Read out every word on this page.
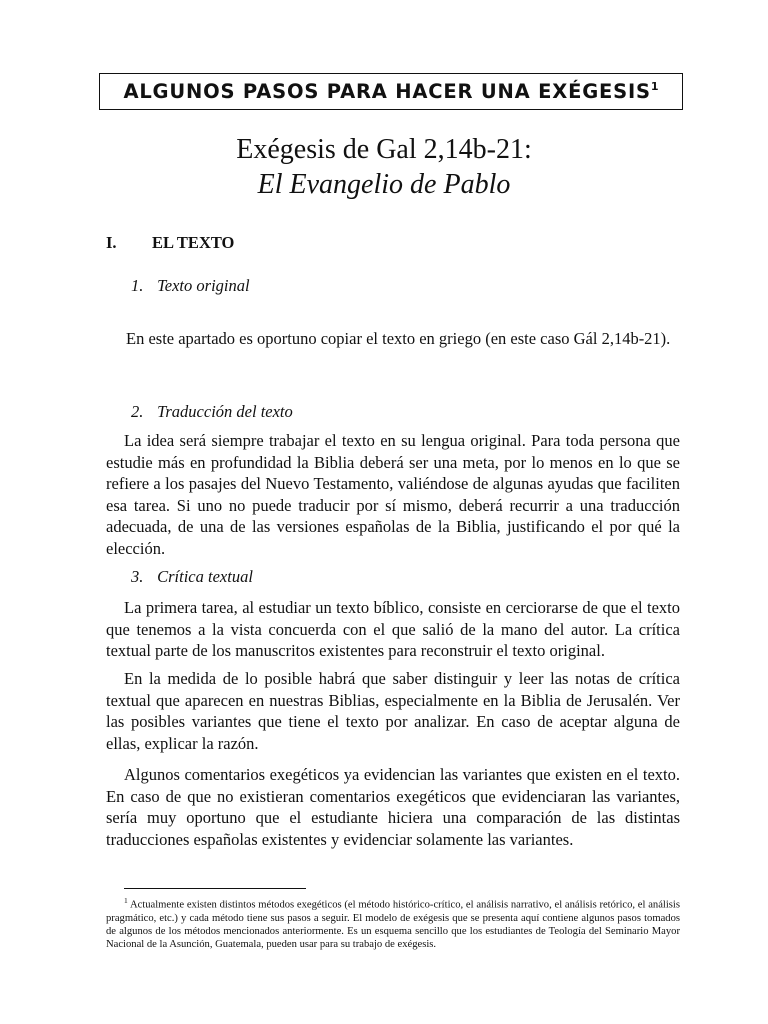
ALGUNOS PASOS PARA HACER UNA EXÉGESIS$^1$
Exégesis de Gal 2,14b-21:
El Evangelio de Pablo
I. EL TEXTO
1. Texto original

En este apartado es oportuno copiar el texto en griego (en este caso Gál 2,14b-21).

2. Traducción del texto

La idea será siempre trabajar el texto en su lengua original. Para toda persona que estudie más en profundidad la Biblia deberá ser una meta, por lo menos en lo que se refiere a los pasajes del Nuevo Testamento, valiéndose de algunas ayudas que faciliten esa tarea. Si uno no puede traducir por sí mismo, deberá recurrir a una traducción adecuada, de una de las versiones españolas de la Biblia, justificando el por qué la elección.

3. Crítica textual

La primera tarea, al estudiar un texto bíblico, consiste en cerciorarse de que el texto que tenemos a la vista concuerda con el que salió de la mano del autor. La crítica textual parte de los manuscritos existentes para reconstruir el texto original.

En la medida de lo posible habrá que saber distinguir y leer las notas de crítica textual que aparecen en nuestras Biblias, especialmente en la Biblia de Jerusalén. Ver las posibles variantes que tiene el texto por analizar. En caso de aceptar alguna de ellas, explicar la razón.

Algunos comentarios exegéticos ya evidencian las variantes que existen en el texto. En caso de que no existieran comentarios exegéticos que evidenciaran las variantes, sería muy oportuno que el estudiante hiciera una comparación de las distintas traducciones españolas existentes y evidenciar solamente las variantes.

$^1$ Actualmente existen distintos métodos exegéticos (el método histórico-crítico, el análisis narrativo, el análisis retórico, el análisis pragmático, etc.) y cada método tiene sus pasos a seguir. El modelo de exégesis que se presenta aquí contiene algunos pasos tomados de algunos de los métodos mencionados anteriormente. Es un esquema sencillo que los estudiantes de Teología del Seminario Mayor Nacional de la Asunción, Guatemala, pueden usar para su trabajo de exégesis.
